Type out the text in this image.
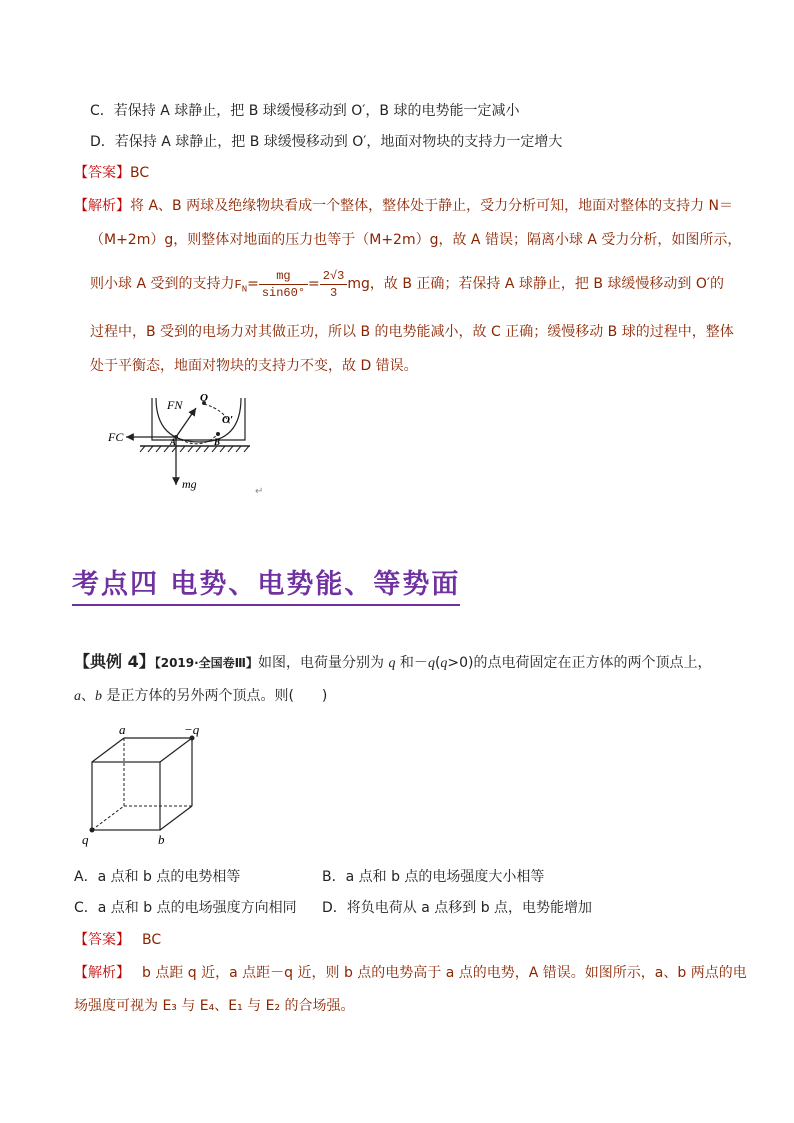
C．若保持 A 球静止，把 B 球缓慢移动到 O′，B 球的电势能一定减小
D．若保持 A 球静止，把 B 球缓慢移动到 O′，地面对物块的支持力一定增大
【答案】BC
【解析】将 A、B 两球及绝缘物块看成一个整体，整体处于静止，受力分析可知，地面对整体的支持力 N＝
（M+2m）g，则整体对地面的压力也等于（M+2m）g，故 A 错误；隔离小球 A 受力分析，如图所示，
则小球 A 受到的支持力$F_N= \frac{mg}{\sin 60^\circ} = \frac{2√3}{3}$ mg，故 B 正确；若保持 A 球静止，把 B 球缓慢移动到 O′的
过程中，B 受到的电场力对其做正功，所以 B 的电势能减小，故 C 正确；缓慢移动 B 球的过程中，整体
处于平衡态，地面对物块的支持力不变，故 D 错误。
FN O
O′
FC	A	B
mg
↵
考点四 电势、电势能、等势面
【典例 4】【2019·全国卷Ⅲ】如图，电荷量分别为 q 和－q(q>0)的点电荷固定在正方体的两个顶点上，
a、b 是正方体的另外两个顶点。则(　　)
a	−q
q	b
A．a 点和 b 点的电势相等	B．a 点和 b 点的电场强度大小相等
C．a 点和 b 点的电场强度方向相同 D．将负电荷从 a 点移到 b 点，电势能增加
【答案】 BC
【解析】 b 点距 q 近，a 点距－q 近，则 b 点的电势高于 a 点的电势，A 错误。如图所示，a、b 两点的电
场强度可视为 E₃ 与 E₄、E₁ 与 E₂ 的合场强。
